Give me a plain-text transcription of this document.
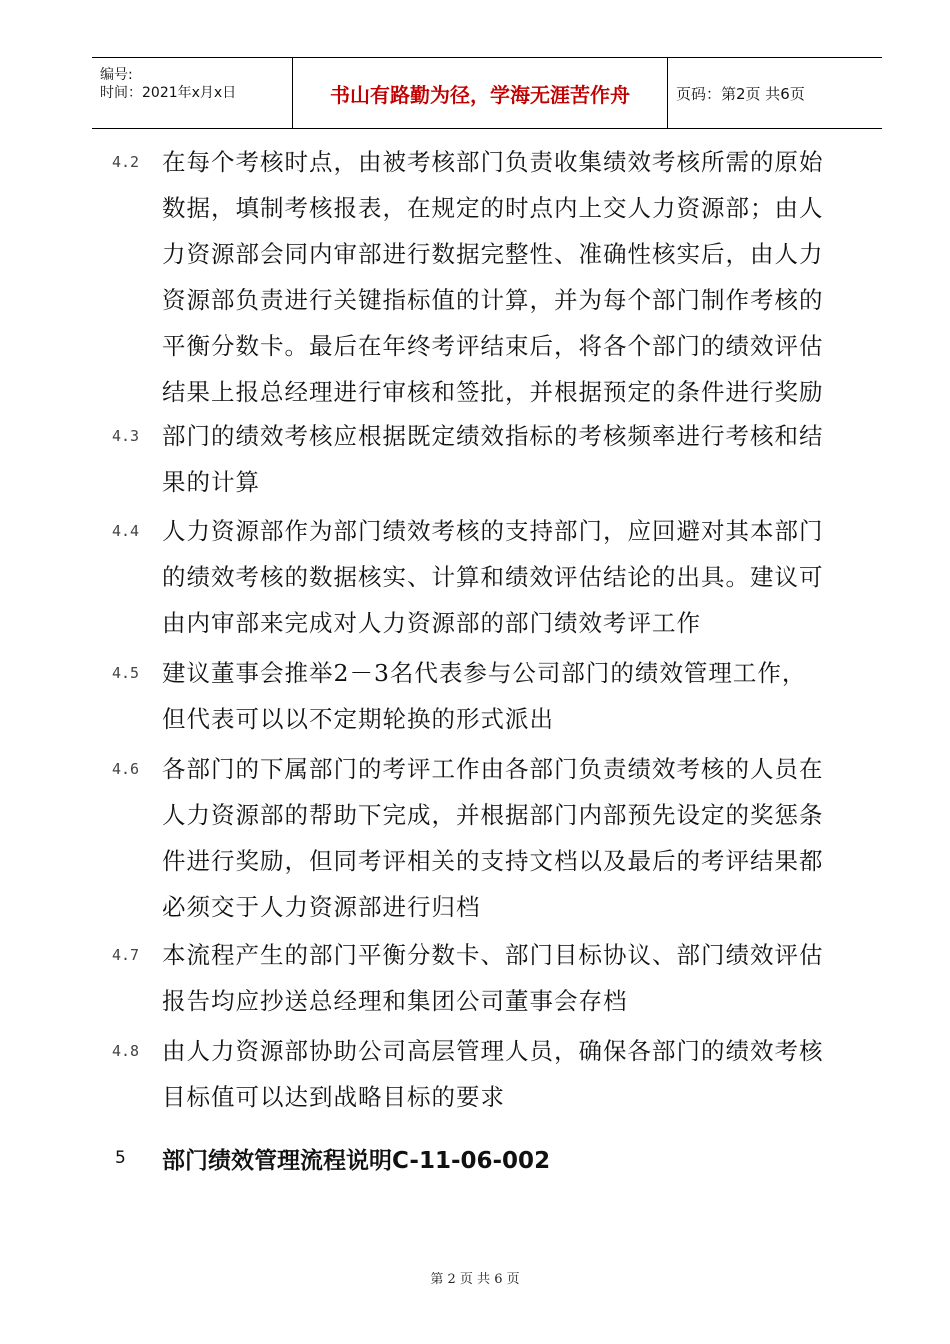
编号:
时间：2021年x月x日	书山有路勤为径，学海无涯苦作舟	页码：第2页 共6页
4.2 在每个考核时点，由被考核部门负责收集绩效考核所需的原始
数据，填制考核报表，在规定的时点内上交人力资源部；由人
力资源部会同内审部进行数据完整性、准确性核实后，由人力
资源部负责进行关键指标值的计算，并为每个部门制作考核的
平衡分数卡。最后在年终考评结束后，将各个部门的绩效评估
结果上报总经理进行审核和签批，并根据预定的条件进行奖励
4.3 部门的绩效考核应根据既定绩效指标的考核频率进行考核和结
果的计算
4.4 人力资源部作为部门绩效考核的支持部门，应回避对其本部门
的绩效考核的数据核实、计算和绩效评估结论的出具。建议可
由内审部来完成对人力资源部的部门绩效考评工作
4.5 建议董事会推举2－3名代表参与公司部门的绩效管理工作，
但代表可以以不定期轮换的形式派出
4.6 各部门的下属部门的考评工作由各部门负责绩效考核的人员在
人力资源部的帮助下完成，并根据部门内部预先设定的奖惩条
件进行奖励，但同考评相关的支持文档以及最后的考评结果都
必须交于人力资源部进行归档
4.7 本流程产生的部门平衡分数卡、部门目标协议、部门绩效评估
报告均应抄送总经理和集团公司董事会存档
4.8 由人力资源部协助公司高层管理人员，确保各部门的绩效考核
目标值可以达到战略目标的要求
5 部门绩效管理流程说明C-11-06-002
第 2 页 共 6 页
